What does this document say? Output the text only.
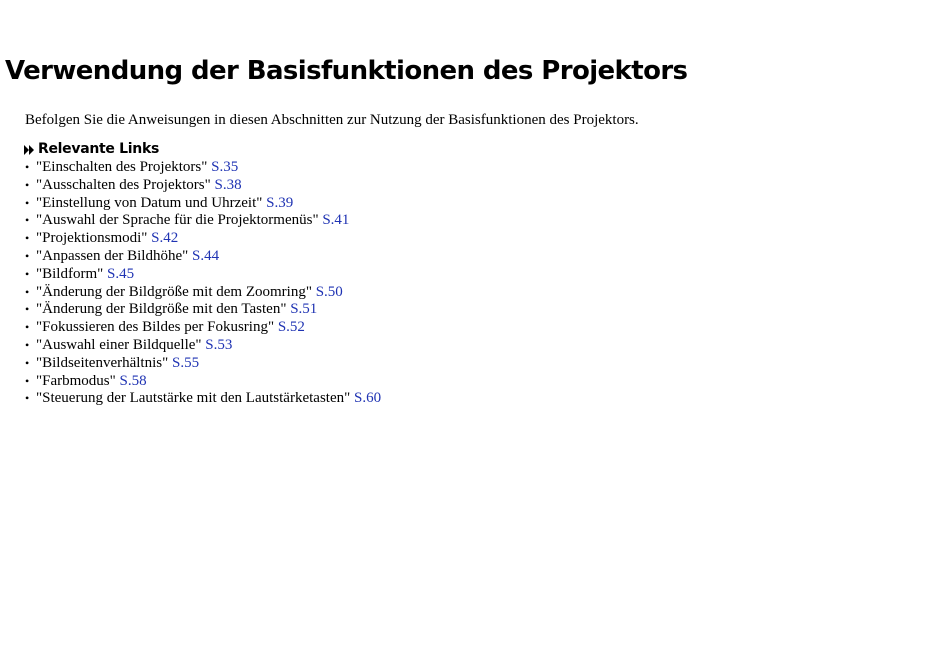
Verwendung der Basisfunktionen des Projektors

Befolgen Sie die Anweisungen in diesen Abschnitten zur Nutzung der Basisfunktionen des Projektors.

Relevante Links
• "Einschalten des Projektors" S.35
• "Ausschalten des Projektors" S.38
• "Einstellung von Datum und Uhrzeit" S.39
• "Auswahl der Sprache für die Projektormenüs" S.41
• "Projektionsmodi" S.42
• "Anpassen der Bildhöhe" S.44
• "Bildform" S.45
• "Änderung der Bildgröße mit dem Zoomring" S.50
• "Änderung der Bildgröße mit den Tasten" S.51
• "Fokussieren des Bildes per Fokusring" S.52
• "Auswahl einer Bildquelle" S.53
• "Bildseitenverhältnis" S.55
• "Farbmodus" S.58
• "Steuerung der Lautstärke mit den Lautstärketasten" S.60
